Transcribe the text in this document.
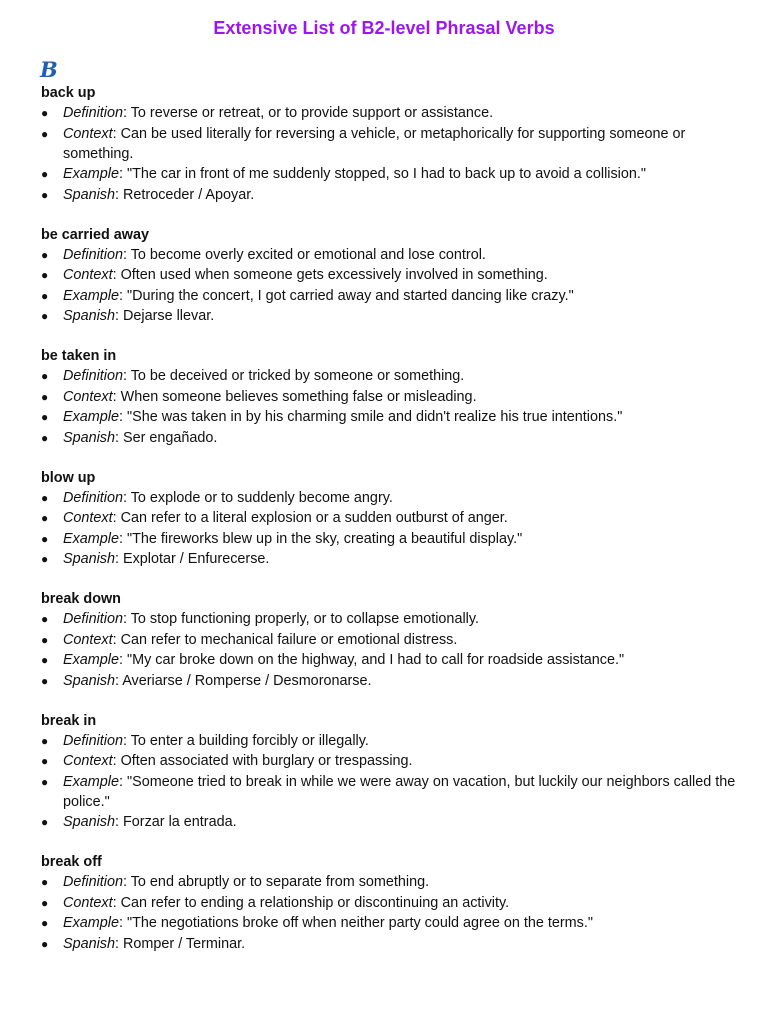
Extensive List of B2-level Phrasal Verbs
B
back up
● Definition: To reverse or retreat, or to provide support or assistance.
● Context: Can be used literally for reversing a vehicle, or metaphorically for supporting someone or something.
● Example: "The car in front of me suddenly stopped, so I had to back up to avoid a collision."
● Spanish: Retroceder / Apoyar.
be carried away
● Definition: To become overly excited or emotional and lose control.
● Context: Often used when someone gets excessively involved in something.
● Example: "During the concert, I got carried away and started dancing like crazy."
● Spanish: Dejarse llevar.
be taken in
● Definition: To be deceived or tricked by someone or something.
● Context: When someone believes something false or misleading.
● Example: "She was taken in by his charming smile and didn't realize his true intentions."
● Spanish: Ser engañado.
blow up
● Definition: To explode or to suddenly become angry.
● Context: Can refer to a literal explosion or a sudden outburst of anger.
● Example: "The fireworks blew up in the sky, creating a beautiful display."
● Spanish: Explotar / Enfurecerse.
break down
● Definition: To stop functioning properly, or to collapse emotionally.
● Context: Can refer to mechanical failure or emotional distress.
● Example: "My car broke down on the highway, and I had to call for roadside assistance."
● Spanish: Averiarse / Romperse / Desmoronarse.
break in
● Definition: To enter a building forcibly or illegally.
● Context: Often associated with burglary or trespassing.
● Example: "Someone tried to break in while we were away on vacation, but luckily our neighbors called the police."
● Spanish: Forzar la entrada.
break off
● Definition: To end abruptly or to separate from something.
● Context: Can refer to ending a relationship or discontinuing an activity.
● Example: "The negotiations broke off when neither party could agree on the terms."
● Spanish: Romper / Terminar.
